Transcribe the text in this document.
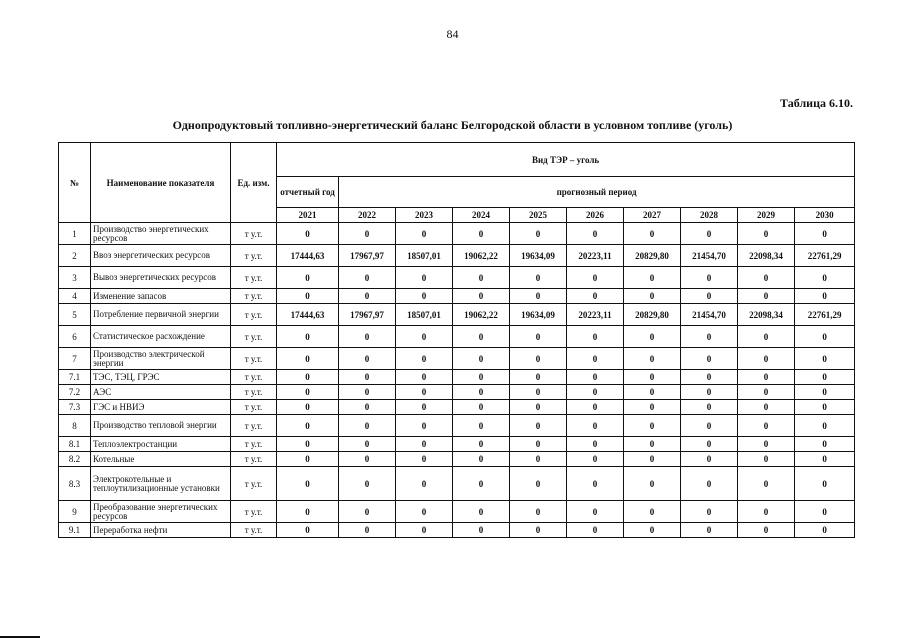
84
Таблица 6.10.
Однопродуктовый топливно-энергетический баланс Белгородской области в условном топливе (уголь)
№	Наименование показателя	Ед. изм.	Вид ТЭР – уголь									
			отчетный год	прогнозный период								
			2021	2022	2023	2024	2025	2026	2027	2028	2029	2030
1	Производство энергетических ресурсов	т у.т.	0	0	0	0	0	0	0	0	0	0
2	Ввоз энергетических ресурсов	т у.т.	17444,63	17967,97	18507,01	19062,22	19634,09	20223,11	20829,80	21454,70	22098,34	22761,29
3	Вывоз энергетических ресурсов	т у.т.	0	0	0	0	0	0	0	0	0	0
4	Изменение запасов	т у.т.	0	0	0	0	0	0	0	0	0	0
5	Потребление первичной энергии	т у.т.	17444,63	17967,97	18507,01	19062,22	19634,09	20223,11	20829,80	21454,70	22098,34	22761,29
6	Статистическое расхождение	т у.т.	0	0	0	0	0	0	0	0	0	0
7	Производство электрической энергии	т у.т.	0	0	0	0	0	0	0	0	0	0
7.1	ТЭС, ТЭЦ, ГРЭС	т у.т.	0	0	0	0	0	0	0	0	0	0
7.2	АЭС	т у.т.	0	0	0	0	0	0	0	0	0	0
7.3	ГЭС и НВИЭ	т у.т.	0	0	0	0	0	0	0	0	0	0
8	Производство тепловой энергии	т у.т.	0	0	0	0	0	0	0	0	0	0
8.1	Теплоэлектростанции	т у.т.	0	0	0	0	0	0	0	0	0	0
8.2	Котельные	т у.т.	0	0	0	0	0	0	0	0	0	0
8.3	Электрокотельные и теплоутилизационные установки	т у.т.	0	0	0	0	0	0	0	0	0	0
9	Преобразование энергетических ресурсов	т у.т.	0	0	0	0	0	0	0	0	0	0
9.1	Переработка нефти	т у.т.	0	0	0	0	0	0	0	0	0	0
